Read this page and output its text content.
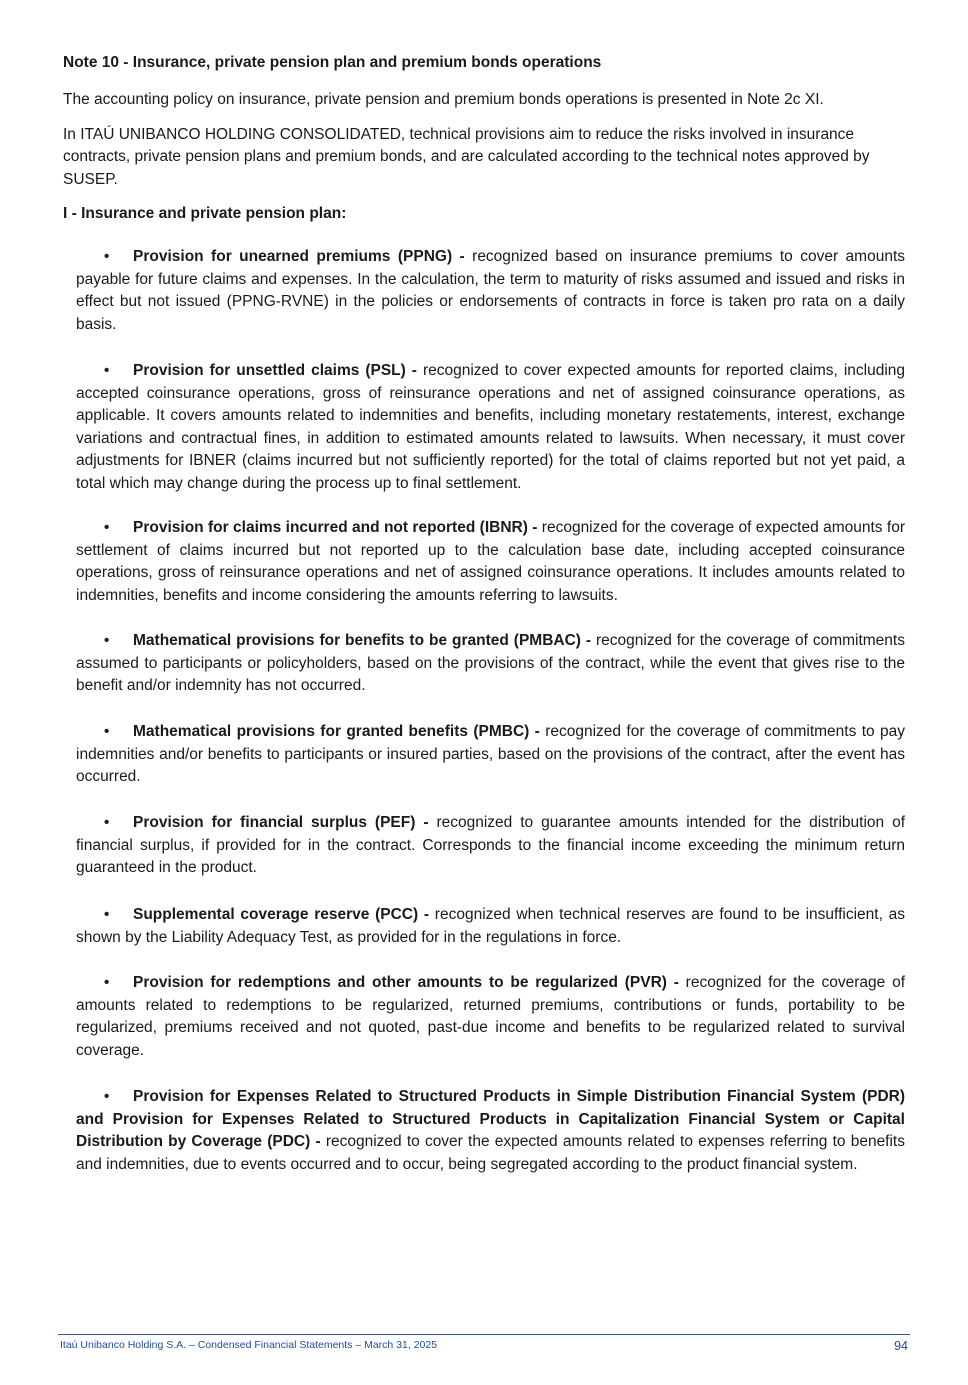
Note 10 - Insurance, private pension plan and premium bonds operations

The accounting policy on insurance, private pension and premium bonds operations is presented in Note 2c XI.

In ITAÚ UNIBANCO HOLDING CONSOLIDATED, technical provisions aim to reduce the risks involved in insurance contracts, private pension plans and premium bonds, and are calculated according to the technical notes approved by SUSEP.

I - Insurance and private pension plan:

• Provision for unearned premiums (PPNG) - recognized based on insurance premiums to cover amounts payable for future claims and expenses. In the calculation, the term to maturity of risks assumed and issued and risks in effect but not issued (PPNG-RVNE) in the policies or endorsements of contracts in force is taken pro rata on a daily basis.

• Provision for unsettled claims (PSL) - recognized to cover expected amounts for reported claims, including accepted coinsurance operations, gross of reinsurance operations and net of assigned coinsurance operations, as applicable. It covers amounts related to indemnities and benefits, including monetary restatements, interest, exchange variations and contractual fines, in addition to estimated amounts related to lawsuits. When necessary, it must cover adjustments for IBNER (claims incurred but not sufficiently reported) for the total of claims reported but not yet paid, a total which may change during the process up to final settlement.

• Provision for claims incurred and not reported (IBNR) - recognized for the coverage of expected amounts for settlement of claims incurred but not reported up to the calculation base date, including accepted coinsurance operations, gross of reinsurance operations and net of assigned coinsurance operations. It includes amounts related to indemnities, benefits and income considering the amounts referring to lawsuits.

• Mathematical provisions for benefits to be granted (PMBAC) - recognized for the coverage of commitments assumed to participants or policyholders, based on the provisions of the contract, while the event that gives rise to the benefit and/or indemnity has not occurred.

• Mathematical provisions for granted benefits (PMBC) - recognized for the coverage of commitments to pay indemnities and/or benefits to participants or insured parties, based on the provisions of the contract, after the event has occurred.

• Provision for financial surplus (PEF) - recognized to guarantee amounts intended for the distribution of financial surplus, if provided for in the contract. Corresponds to the financial income exceeding the minimum return guaranteed in the product.

• Supplemental coverage reserve (PCC) - recognized when technical reserves are found to be insufficient, as shown by the Liability Adequacy Test, as provided for in the regulations in force.

• Provision for redemptions and other amounts to be regularized (PVR) - recognized for the coverage of amounts related to redemptions to be regularized, returned premiums, contributions or funds, portability to be regularized, premiums received and not quoted, past-due income and benefits to be regularized related to survival coverage.

• Provision for Expenses Related to Structured Products in Simple Distribution Financial System (PDR) and Provision for Expenses Related to Structured Products in Capitalization Financial System or Capital Distribution by Coverage (PDC) - recognized to cover the expected amounts related to expenses referring to benefits and indemnities, due to events occurred and to occur, being segregated according to the product financial system.

Itaú Unibanco Holding S.A. – Condensed Financial Statements – March 31, 2025	94
